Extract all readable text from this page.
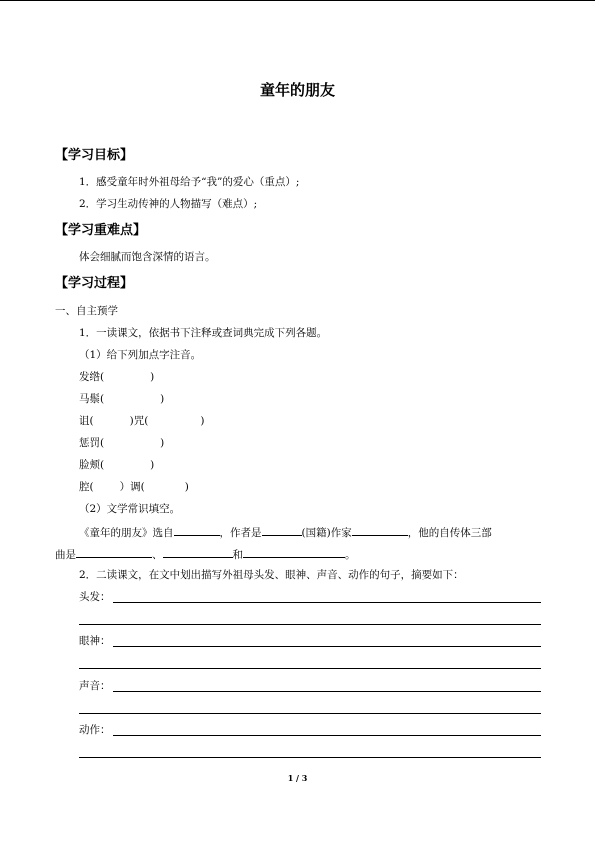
童年的朋友
【学习目标】
1．感受童年时外祖母给予“我”的爱心（重点）;
2．学习生动传神的人物描写（难点）;
【学习重难点】
体会细腻而饱含深情的语言。
【学习过程】
一、自主预学
1．一读课文，依据书下注释或查词典完成下列各题。
（1）给下列加点字注音。
发绺(	)
马鬃(	)
诅(	)咒(	)
惩罚(	)
脸颊(	)
腔( ）调(	)
（2）文学常识填空。
《童年的朋友》选自	，作者是	(国籍)作家	，他的自传体三部
曲是	、	和	。
2．二读课文，在文中划出描写外祖母头发、眼神、声音、动作的句子，摘要如下：
头发：
眼神：
声音：
动作：
1 / 3
